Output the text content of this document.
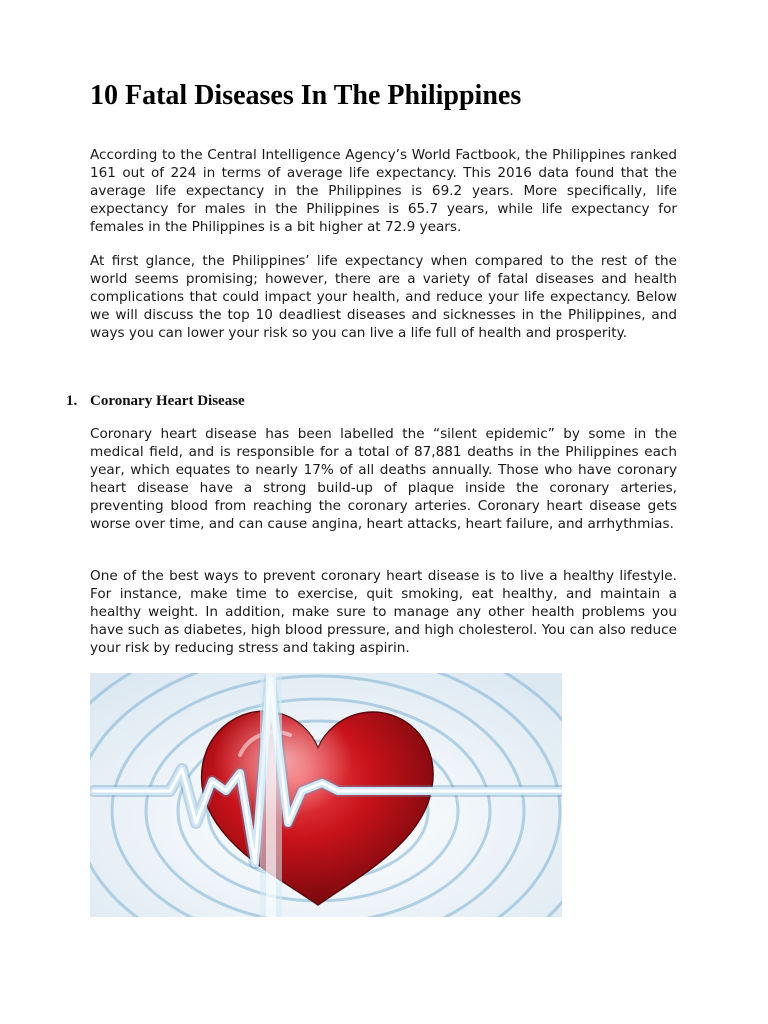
10 Fatal Diseases In The Philippines

According to the Central Intelligence Agency’s World Factbook, the Philippines ranked 161 out of 224 in terms of average life expectancy. This 2016 data found that the average life expectancy in the Philippines is 69.2 years. More specifically, life expectancy for males in the Philippines is 65.7 years, while life expectancy for females in the Philippines is a bit higher at 72.9 years.

At first glance, the Philippines’ life expectancy when compared to the rest of the world seems promising; however, there are a variety of fatal diseases and health complications that could impact your health, and reduce your life expectancy. Below we will discuss the top 10 deadliest diseases and sicknesses in the Philippines, and ways you can lower your risk so you can live a life full of health and prosperity.

1. Coronary Heart Disease

Coronary heart disease has been labelled the “silent epidemic” by some in the medical field, and is responsible for a total of 87,881 deaths in the Philippines each year, which equates to nearly 17% of all deaths annually. Those who have coronary heart disease have a strong build-up of plaque inside the coronary arteries, preventing blood from reaching the coronary arteries. Coronary heart disease gets worse over time, and can cause angina, heart attacks, heart failure, and arrhythmias.

One of the best ways to prevent coronary heart disease is to live a healthy lifestyle. For instance, make time to exercise, quit smoking, eat healthy, and maintain a healthy weight. In addition, make sure to manage any other health problems you have such as diabetes, high blood pressure, and high cholesterol. You can also reduce your risk by reducing stress and taking aspirin.
